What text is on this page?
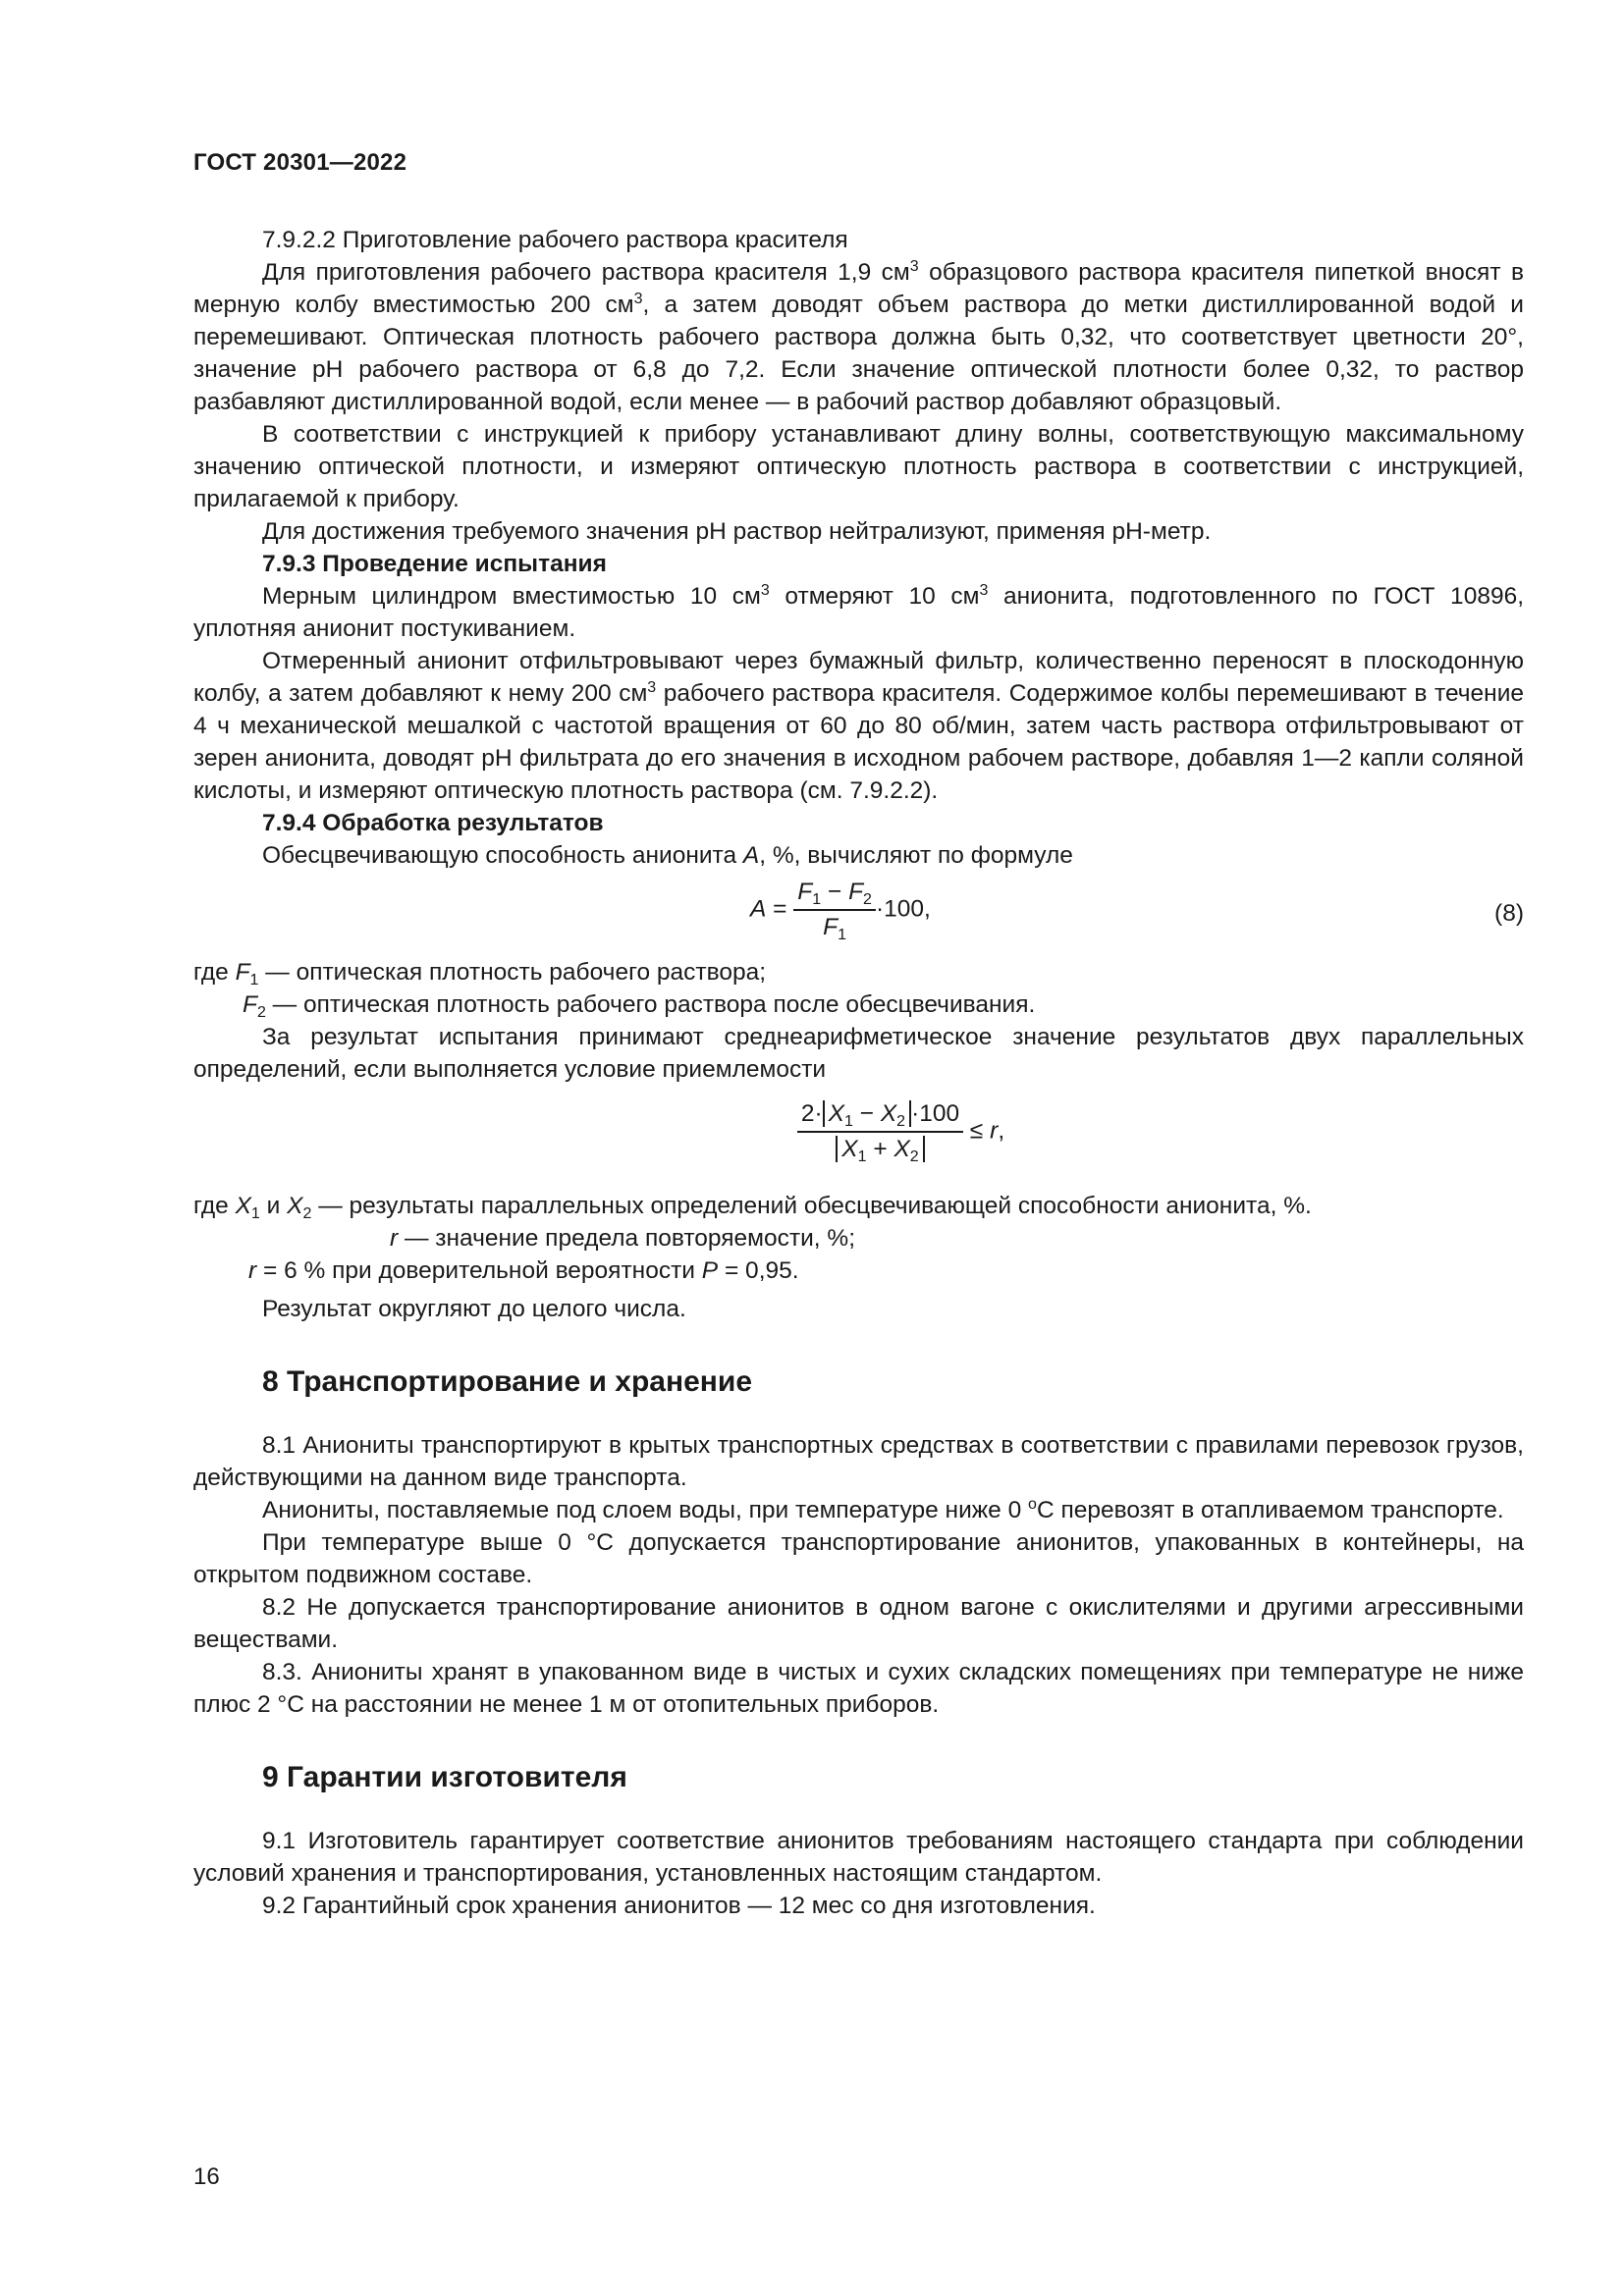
ГОСТ 20301—2022

7.9.2.2 Приготовление рабочего раствора красителя

Для приготовления рабочего раствора красителя 1,9 $см^3$ образцового раствора красителя пипеткой вносят в мерную колбу вместимостью 200 $см^3$, а затем доводят объем раствора до метки дистиллированной водой и перемешивают. Оптическая плотность рабочего раствора должна быть 0,32, что соответствует цветности 20°, значение pH рабочего раствора от 6,8 до 7,2. Если значение оптической плотности более 0,32, то раствор разбавляют дистиллированной водой, если менее — в рабочий раствор добавляют образцовый.

В соответствии с инструкцией к прибору устанавливают длину волны, соответствующую максимальному значению оптической плотности, и измеряют оптическую плотность раствора в соответствии с инструкцией, прилагаемой к прибору.

Для достижения требуемого значения pH раствор нейтрализуют, применяя pH-метр.

7.9.3 Проведение испытания

Мерным цилиндром вместимостью 10 $см^3$ отмеряют 10 $см^3$ анионита, подготовленного по ГОСТ 10896, уплотняя анионит постукиванием.

Отмеренный анионит отфильтровывают через бумажный фильтр, количественно переносят в плоскодонную колбу, а затем добавляют к нему 200 $см^3$ рабочего раствора красителя. Содержимое колбы перемешивают в течение 4 ч механической мешалкой с частотой вращения от 60 до 80 об/мин, затем часть раствора отфильтровывают от зерен анионита, доводят pH фильтрата до его значения в исходном рабочем растворе, добавляя 1—2 капли соляной кислоты, и измеряют оптическую плотность раствора (см. 7.9.2.2).

7.9.4 Обработка результатов

Обесцвечивающую способность анионита A, %, вычисляют по формуле

$A = \frac{F_1 - F_2}{F_1} \cdot 100$,	(8)

где $F_1$ — оптическая плотность рабочего раствора;

$F_2$ — оптическая плотность рабочего раствора после обесцвечивания.

За результат испытания принимают среднеарифметическое значение результатов двух параллельных определений, если выполняется условие приемлемости

$\frac{2\cdot X_1 - X_2 \cdot 100}{X_1 + X_2} \le r$,

где $X_1$ и $X_2$ — результаты параллельных определений обесцвечивающей способности анионита, %.

r — значение предела повторяемости, %;

r = 6 % при доверительной вероятности P = 0,95.

Результат округляют до целого числа.

8 Транспортирование и хранение

8.1 Аниониты транспортируют в крытых транспортных средствах в соответствии с правилами перевозок грузов, действующими на данном виде транспорта.

Аниониты, поставляемые под слоем воды, при температуре ниже 0 $^о$С перевозят в отапливаемом транспорте.

При температуре выше 0 °С допускается транспортирование анионитов, упакованных в контейнеры, на открытом подвижном составе.

8.2 Не допускается транспортирование анионитов в одном вагоне с окислителями и другими агрессивными веществами.

8.3. Аниониты хранят в упакованном виде в чистых и сухих складских помещениях при температуре не ниже плюс 2 °С на расстоянии не менее 1 м от отопительных приборов.

9 Гарантии изготовителя

9.1 Изготовитель гарантирует соответствие анионитов требованиям настоящего стандарта при соблюдении условий хранения и транспортирования, установленных настоящим стандартом.

9.2 Гарантийный срок хранения анионитов — 12 мес со дня изготовления.

16
